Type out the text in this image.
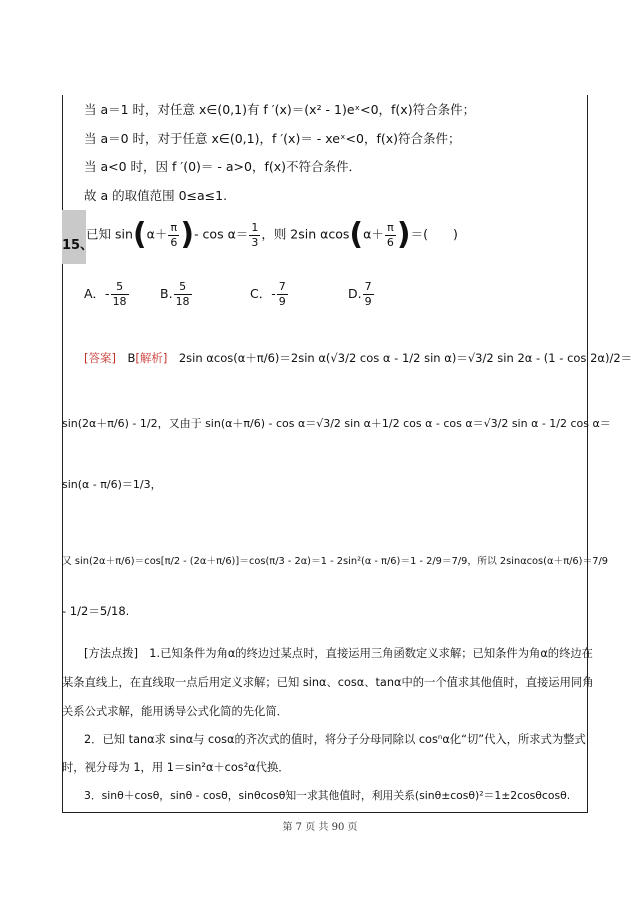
当 a＝1 时，对任意 x∈(0,1)有 f ′(x)＝(x² - 1)eˣ<0，f(x)符合条件；
当 a＝0 时，对于任意 x∈(0,1)，f ′(x)＝ - xeˣ<0，f(x)符合条件；
当 a<0 时，因 f ′(0)＝ - a>0，f(x)不符合条件．
故 a 的取值范围 0≤a≤1.
15、
已知 $\sin(\alpha+ \frac{\pi}{6}$ )- $\cos \alpha= \frac{1}{3}$ ，则 2sin $\alpha\cos(\alpha+ \frac{\pi}{6}$ )＝(　　)
A．- $\frac{5}{18}$	B. $\frac{5}{18}$	C．- $\frac{7}{9}$	D. $\frac{7}{9}$
[答案]　 B[解析]　 2sin αcos(α＋π/6)＝2sin α(√3/2 cos α - 1/2 sin α)＝√3/2 sin 2α - (1 - cos 2α)/2＝
sin(2α＋π/6) - 1/2，又由于 sin(α＋π/6) - cos α＝√3/2 sin α＋1/2 cos α - cos α＝√3/2 sin α - 1/2 cos α＝
sin(α - π/6)＝1/3，
又 sin(2α＋π/6)＝cos[π/2 - (2α＋π/6)]＝cos(π/3 - 2α)＝1 - 2sin²(α - π/6)＝1 - 2/9＝7/9，所以 2sinαcos(α＋π/6)＝7/9
- 1/2＝5/18.
[方法点拨]　1.已知条件为角α的终边过某点时，直接运用三角函数定义求解；已知条件为角α的终边在
某条直线上，在直线取一点后用定义求解；已知 sinα、cosα、tanα中的一个值求其他值时，直接运用同角
关系公式求解，能用诱导公式化简的先化简．
2．已知 tanα求 sinα与 cosα的齐次式的值时，将分子分母同除以 cosⁿα化“切”代入，所求式为整式
时，视分母为 1，用 1＝sin²α＋cos²α代换．
3．sinθ＋cosθ，sinθ - cosθ，sinθcosθ知一求其他值时，利用关系(sinθ±cosθ)²＝1±2cosθcosθ.
第 7 页 共 90 页
